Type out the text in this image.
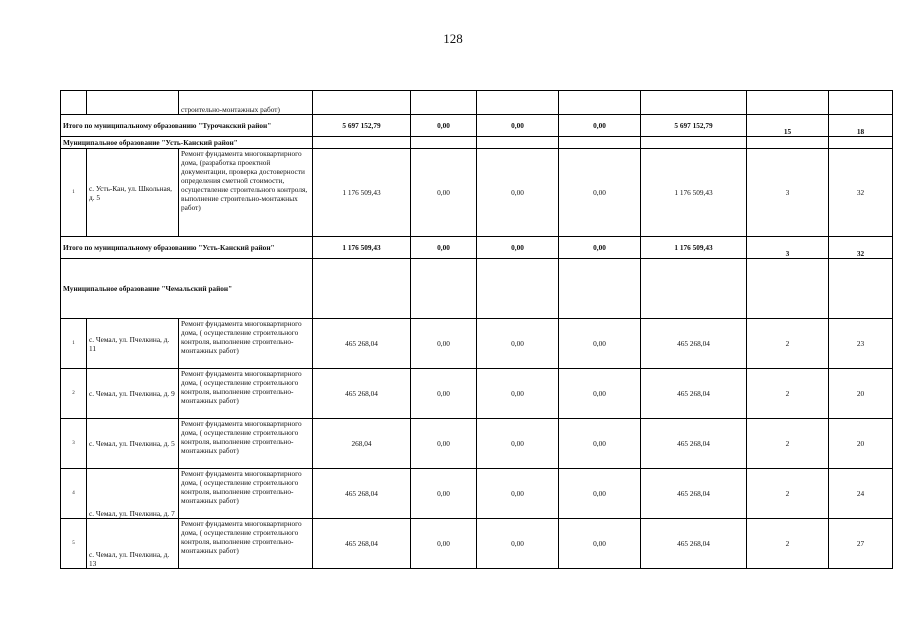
128
		строительно-монтажных работ)							
Итого по муниципальному образованию "Турочакский район"			5 697 152,79	0,00	0,00	0,00	5 697 152,79	15	18
Муниципальное образование "Усть-Канский район"									
1	с. Усть-Кан, ул. Школьная, д. 5	Ремонт фундамента многоквартирного дома, (разработка проектной документации, проверка достоверности определения сметной стоимости, осуществление строительного контроля, выполнение строительно-монтажных работ)	1 176 509,43	0,00	0,00	0,00	1 176 509,43	3	32
Итого по муниципальному образованию "Усть-Канский район"			1 176 509,43	0,00	0,00	0,00	1 176 509,43	3	32
Муниципальное образование "Чемальский район"									
1	с. Чемал, ул. Пчелкина, д. 11	Ремонт фундамента многоквартирного дома, ( осуществление строительного контроля, выполнение строительно-монтажных работ)	465 268,04	0,00	0,00	0,00	465 268,04	2	23
2	с. Чемал, ул. Пчелкина, д. 9	Ремонт фундамента многоквартирного дома, ( осуществление строительного контроля, выполнение строительно-монтажных работ)	465 268,04	0,00	0,00	0,00	465 268,04	2	20
3	с. Чемал, ул. Пчелкина, д. 5	Ремонт фундамента многоквартирного дома, ( осуществление строительного контроля, выполнение строительно-монтажных работ)	268,04	0,00	0,00	0,00	465 268,04	2	20
4	с. Чемал, ул. Пчелкина, д. 7	Ремонт фундамента многоквартирного дома, ( осуществление строительного контроля, выполнение строительно-монтажных работ)	465 268,04	0,00	0,00	0,00	465 268,04	2	24
5	с. Чемал, ул. Пчелкина, д. 13	Ремонт фундамента многоквартирного дома, ( осуществление строительного контроля, выполнение строительно-монтажных работ)	465 268,04	0,00	0,00	0,00	465 268,04	2	27
